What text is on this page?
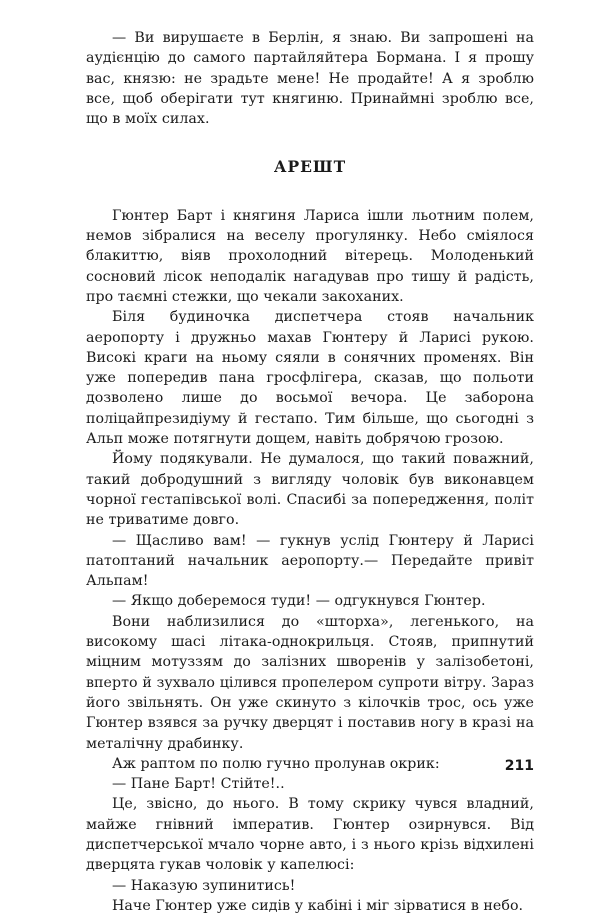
— Ви вирушаєте в Берлін, я знаю. Ви запрошені на аудієнцію до самого партайляйтера Бормана. І я прошу вас, князю: не зрадьте мене! Не продайте! А я зроблю все, щоб оберігати тут княгиню. Принаймні зроблю все, що в моїх силах.

АРЕШТ

Гюнтер Барт і княгиня Лариса ішли льотним полем, немов зібралися на веселу прогулянку. Небо сміялося блакиттю, віяв прохолодний вітерець. Молоденький сосновий лісок неподалік нагадував про тишу й радість, про таємні стежки, що чекали закоханих.

Біля будиночка диспетчера стояв начальник аеропорту і дружньо махав Гюнтеру й Ларисі рукою. Високі краги на ньому сяяли в сонячних променях. Він уже попередив пана гросфлігера, сказав, що польоти дозволено лише до восьмої вечора. Це заборона поліцайпрезидіуму й гестапо. Тим більше, що сьогодні з Альп може потягнути дощем, навіть добрячою грозою.

Йому подякували. Не думалося, що такий поважний, такий добродушний з вигляду чоловік був виконавцем чорної гестапівської волі. Спасибі за попередження, політ не триватиме довго.

— Щасливо вам! — гукнув услід Гюнтеру й Ларисі патоптаний начальник аеропорту.— Передайте привіт Альпам!

— Якщо доберемося туди! — одгукнувся Гюнтер.

Вони наблизилися до «шторха», легенького, на високому шасі літака-однокрильця. Стояв, припнутий міцним мотуззям до залізних шворенів у залізобетоні, вперто й зухвало цілився пропелером супроти вітру. Зараз його звільнять. Он уже скинуто з кілочків трос, ось уже Гюнтер взявся за ручку дверцят і поставив ногу в кразі на металічну драбинку.

Аж раптом по полю гучно пролунав окрик:

— Пане Барт! Стійте!..

Це, звісно, до нього. В тому скрику чувся владний, майже гнівний імператив. Гюнтер озирнувся. Від диспетчерської мчало чорне авто, і з нього крізь відхилені дверцята гукав чоловік у капелюсі:

— Наказую зупинитись!

Наче Гюнтер уже сидів у кабіні і міг зірватися в небо.

211
